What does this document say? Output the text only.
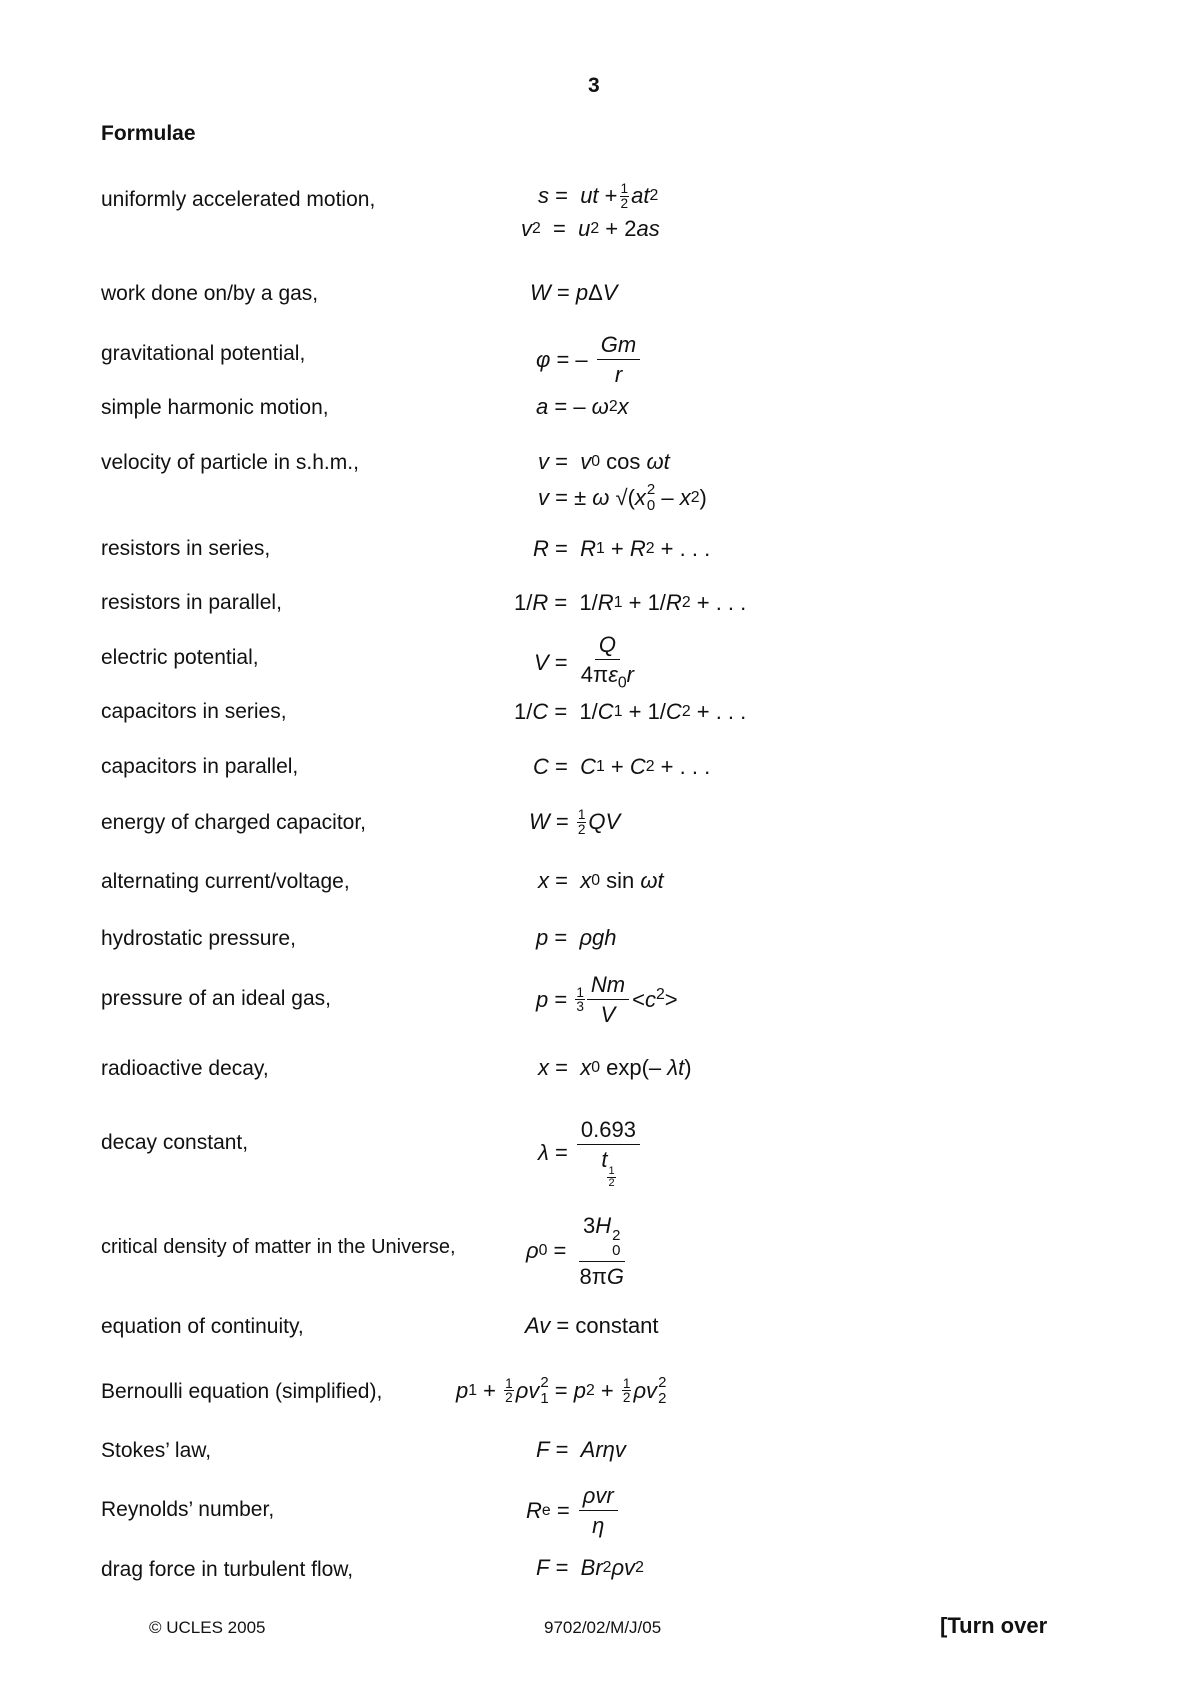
3
Formulae
uniformly accelerated motion,
work done on/by a gas,
gravitational potential,
simple harmonic motion,
velocity of particle in s.h.m.,
resistors in series,
resistors in parallel,
electric potential,
capacitors in series,
capacitors in parallel,
energy of charged capacitor,
alternating current/voltage,
hydrostatic pressure,
pressure of an ideal gas,
radioactive decay,
decay constant,
critical density of matter in the Universe,
equation of continuity,
Bernoulli equation (simplified),
Stokes’ law,
Reynolds’ number,
drag force in turbulent flow,
s = ut + 1
2 at 2
v 2 = u 2 + 2 as
W = p Δ V
φ = – $\frac{Gm}{r}$
a = – ω 2 x
v = v 0
cos
ωt
v = ± ω √( x 2
0 – x 2 )
R = R 1 + R 2 + . . .
1/ R =  1/ R 1 + 1/ R 2 + . . .
$V = \frac{Q}{4\pi\varepsilon_0r}$
1/ C =  1/ C 1 + 1/ C 2 + . . .
C = C 1 + C 2 + . . .
W = 1
2 QV
x = x 0
sin
ωt
p = ρgh
p = 1
$3 \frac{Nm}{V} <c^2>$
x = x 0
exp (– λt )
λ = 0.693
t
$\frac{1}{2}$
ρ 0 = 3H 2
0
8πG
Av = constant
p 1 + 1
2 ρv 2
1 = p 2 + 1
2 ρv 2
2
F = Arηv
R $e = \frac{\text{ρvr}}{\eta}$
F = Br 2 ρv 2
© UCLES 2005	9702/02/M/J/05	[Turn over
